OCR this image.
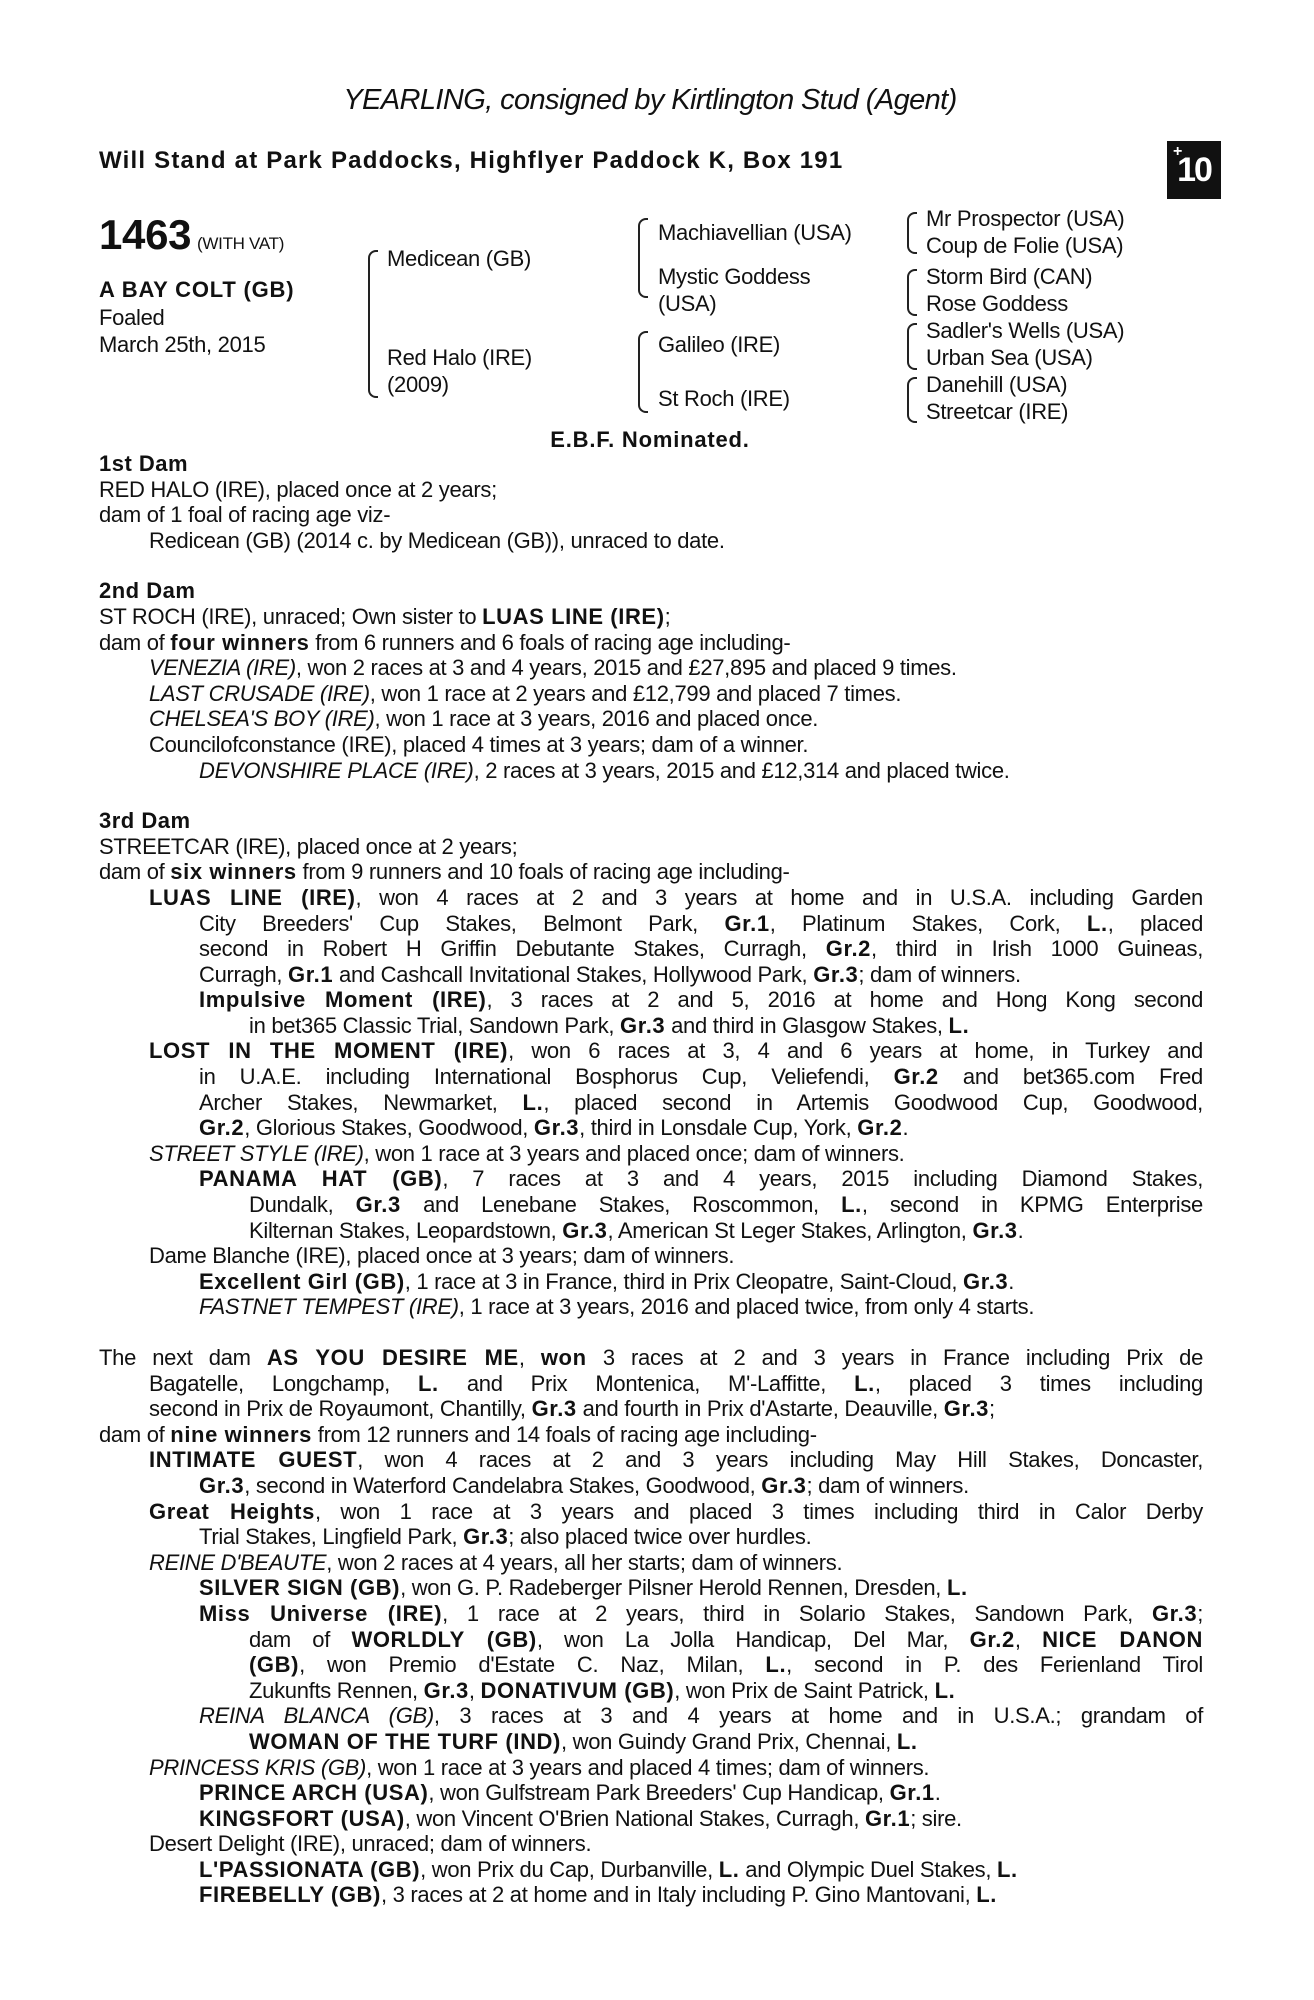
YEARLING, consigned by Kirtlington Stud (Agent)
Will Stand at Park Paddocks, Highflyer Paddock K, Box 191	+
10
1463 (WITH VAT)
A BAY COLT (GB)
Foaled
March 25th, 2015
Medicean (GB)
Red Halo (IRE)
(2009)
Machiavellian (USA)
Mystic Goddess
(USA)
Galileo (IRE)
St Roch (IRE)
Mr Prospector (USA)
Coup de Folie (USA)
Storm Bird (CAN)
Rose Goddess
Sadler's Wells (USA)
Urban Sea (USA)
Danehill (USA)
Streetcar (IRE)
E.B.F. Nominated.
1st Dam
RED HALO (IRE), placed once at 2 years;
dam of 1 foal of racing age viz-
Redicean (GB) (2014 c. by Medicean (GB)), unraced to date.
2nd Dam
ST ROCH (IRE), unraced; Own sister to LUAS LINE (IRE);
dam of four winners from 6 runners and 6 foals of racing age including-
VENEZIA (IRE), won 2 races at 3 and 4 years, 2015 and £27,895 and placed 9 times.
LAST CRUSADE (IRE), won 1 race at 2 years and £12,799 and placed 7 times.
CHELSEA'S BOY (IRE), won 1 race at 3 years, 2016 and placed once.
Councilofconstance (IRE), placed 4 times at 3 years; dam of a winner.
DEVONSHIRE PLACE (IRE), 2 races at 3 years, 2015 and £12,314 and placed twice.
3rd Dam
STREETCAR (IRE), placed once at 2 years;
dam of six winners from 9 runners and 10 foals of racing age including-
LUAS LINE (IRE), won 4 races at 2 and 3 years at home and in U.S.A. including Garden
City Breeders' Cup Stakes, Belmont Park, Gr.1, Platinum Stakes, Cork, L., placed
second in Robert H Griffin Debutante Stakes, Curragh, Gr.2, third in Irish 1000 Guineas,
Curragh, Gr.1 and Cashcall Invitational Stakes, Hollywood Park, Gr.3; dam of winners.
Impulsive Moment (IRE), 3 races at 2 and 5, 2016 at home and Hong Kong second
in bet365 Classic Trial, Sandown Park, Gr.3 and third in Glasgow Stakes, L.
LOST IN THE MOMENT (IRE), won 6 races at 3, 4 and 6 years at home, in Turkey and
in U.A.E. including International Bosphorus Cup, Veliefendi, Gr.2 and bet365.com Fred
Archer Stakes, Newmarket, L., placed second in Artemis Goodwood Cup, Goodwood,
Gr.2, Glorious Stakes, Goodwood, Gr.3, third in Lonsdale Cup, York, Gr.2.
STREET STYLE (IRE), won 1 race at 3 years and placed once; dam of winners.
PANAMA HAT (GB), 7 races at 3 and 4 years, 2015 including Diamond Stakes,
Dundalk, Gr.3 and Lenebane Stakes, Roscommon, L., second in KPMG Enterprise
Kilternan Stakes, Leopardstown, Gr.3, American St Leger Stakes, Arlington, Gr.3.
Dame Blanche (IRE), placed once at 3 years; dam of winners.
Excellent Girl (GB), 1 race at 3 in France, third in Prix Cleopatre, Saint-Cloud, Gr.3.
FASTNET TEMPEST (IRE), 1 race at 3 years, 2016 and placed twice, from only 4 starts.
The next dam AS YOU DESIRE ME, won 3 races at 2 and 3 years in France including Prix de
Bagatelle, Longchamp, L. and Prix Montenica, M'-Laffitte, L., placed 3 times including
second in Prix de Royaumont, Chantilly, Gr.3 and fourth in Prix d'Astarte, Deauville, Gr.3;
dam of nine winners from 12 runners and 14 foals of racing age including-
INTIMATE GUEST, won 4 races at 2 and 3 years including May Hill Stakes, Doncaster,
Gr.3, second in Waterford Candelabra Stakes, Goodwood, Gr.3; dam of winners.
Great Heights, won 1 race at 3 years and placed 3 times including third in Calor Derby
Trial Stakes, Lingfield Park, Gr.3; also placed twice over hurdles.
REINE D'BEAUTE, won 2 races at 4 years, all her starts; dam of winners.
SILVER SIGN (GB), won G. P. Radeberger Pilsner Herold Rennen, Dresden, L.
Miss Universe (IRE), 1 race at 2 years, third in Solario Stakes, Sandown Park, Gr.3;
dam of WORLDLY (GB), won La Jolla Handicap, Del Mar, Gr.2, NICE DANON
(GB), won Premio d'Estate C. Naz, Milan, L., second in P. des Ferienland Tirol
Zukunfts Rennen, Gr.3, DONATIVUM (GB), won Prix de Saint Patrick, L.
REINA BLANCA (GB), 3 races at 3 and 4 years at home and in U.S.A.; grandam of
WOMAN OF THE TURF (IND), won Guindy Grand Prix, Chennai, L.
PRINCESS KRIS (GB), won 1 race at 3 years and placed 4 times; dam of winners.
PRINCE ARCH (USA), won Gulfstream Park Breeders' Cup Handicap, Gr.1.
KINGSFORT (USA), won Vincent O'Brien National Stakes, Curragh, Gr.1; sire.
Desert Delight (IRE), unraced; dam of winners.
L'PASSIONATA (GB), won Prix du Cap, Durbanville, L. and Olympic Duel Stakes, L.
FIREBELLY (GB), 3 races at 2 at home and in Italy including P. Gino Mantovani, L.
